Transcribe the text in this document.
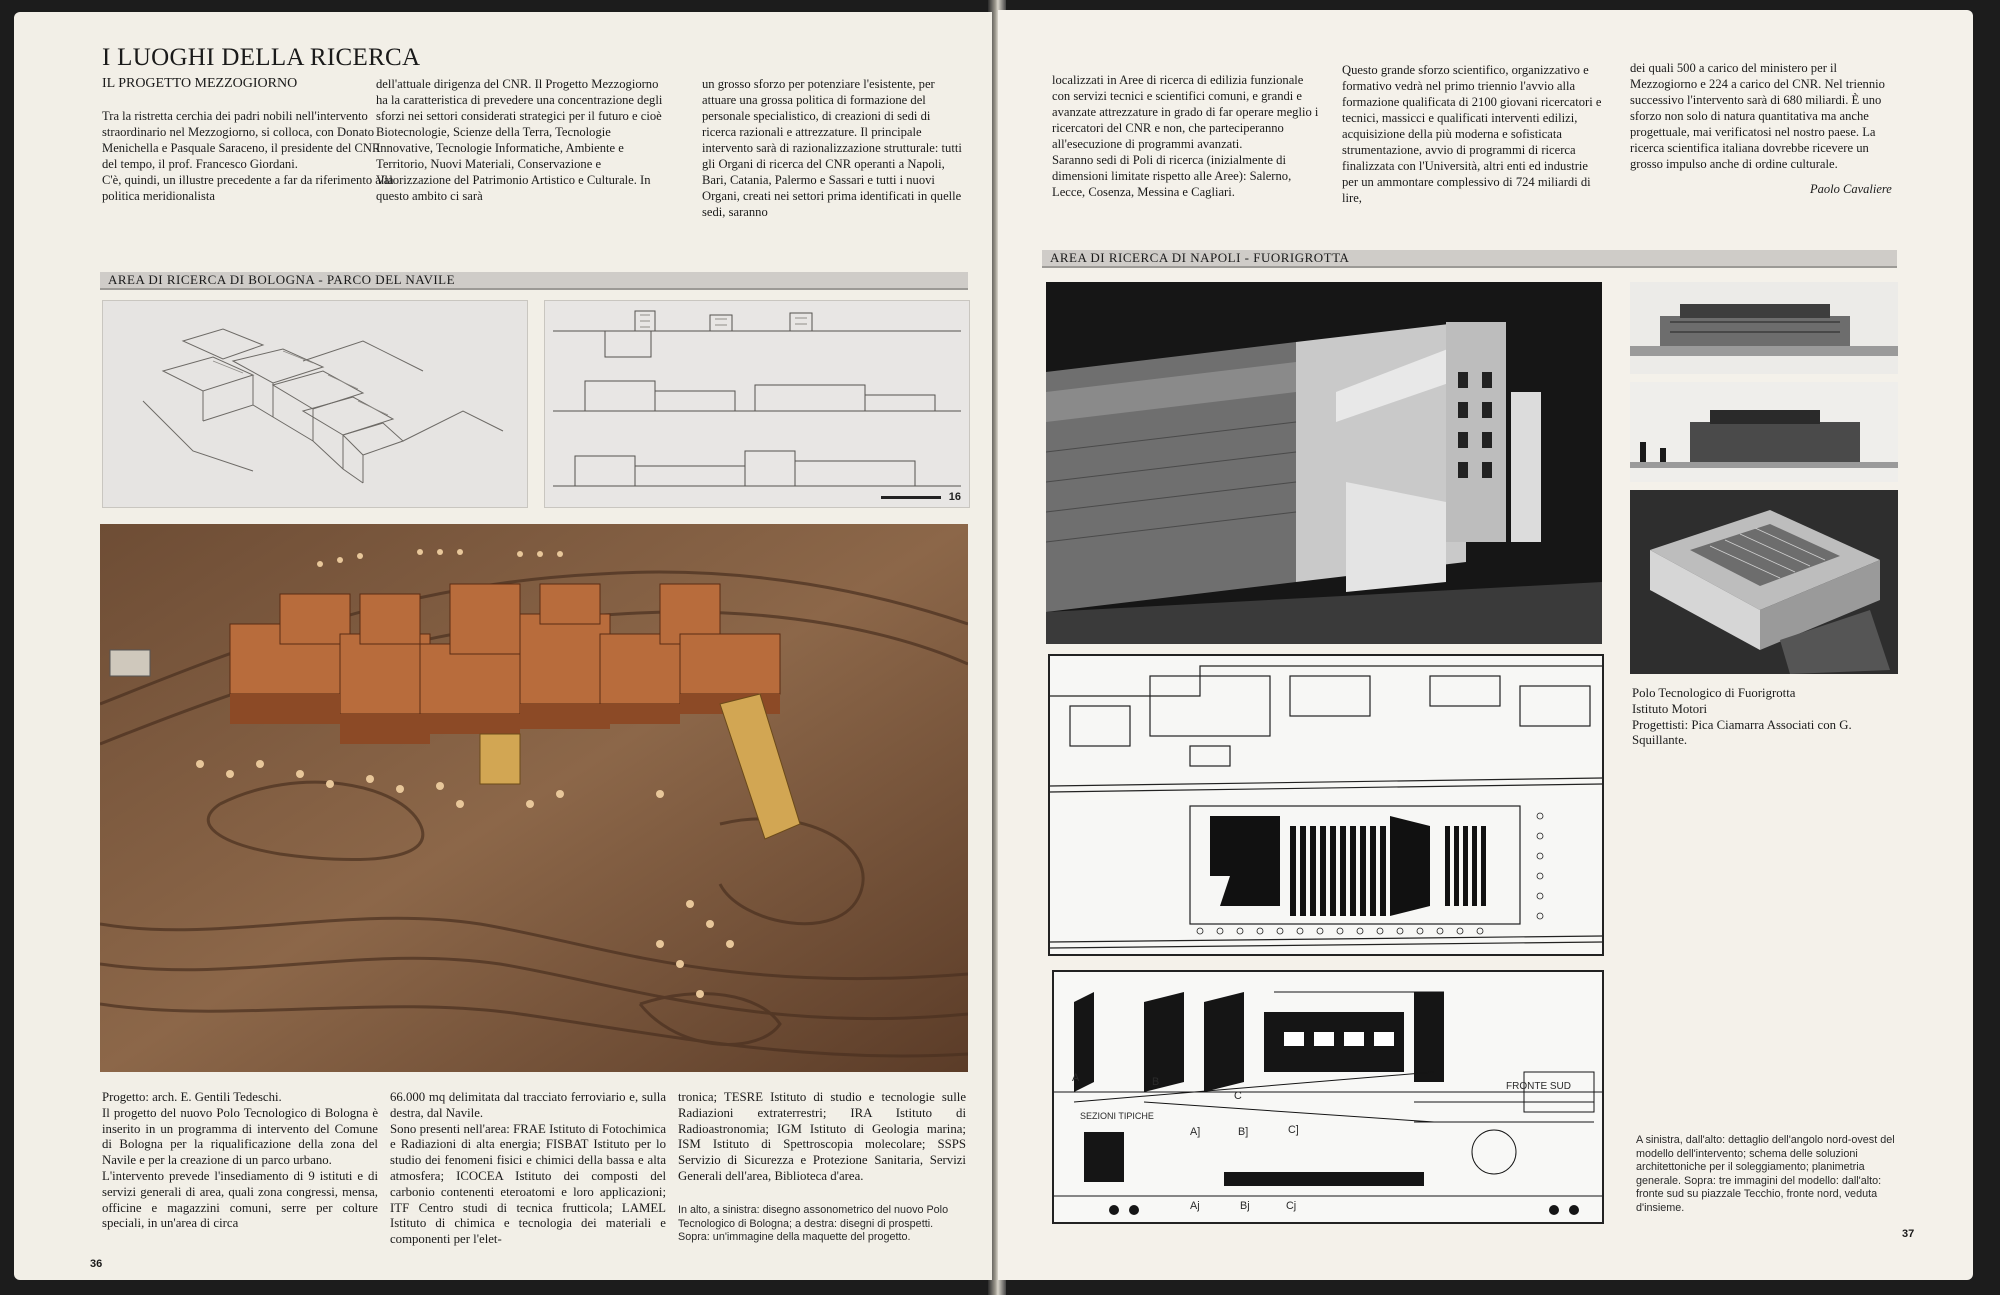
I LUOGHI DELLA RICERCA
IL PROGETTO MEZZOGIORNO
Tra la ristretta cerchia dei padri nobili nell'intervento straordinario nel Mezzogiorno, si colloca, con Donato Menichella e Pasquale Saraceno, il presidente del CNR del tempo, il prof. Francesco Giordani.
C'è, quindi, un illustre precedente a far da riferimento alla politica meridionalista
dell'attuale dirigenza del CNR. Il Progetto Mezzogiorno ha la caratteristica di prevedere una concentrazione degli sforzi nei settori considerati strategici per il futuro e cioè Biotecnologie, Scienze della Terra, Tecnologie Innovative, Tecnologie Informatiche, Ambiente e Territorio, Nuovi Materiali, Conservazione e Valorizzazione del Patrimonio Artistico e Culturale. In questo ambito ci sarà
un grosso sforzo per potenziare l'esistente, per attuare una grossa politica di formazione del personale specialistico, di creazioni di sedi di ricerca razionali e attrezzature. Il principale intervento sarà di razionalizzazione strutturale: tutti gli Organi di ricerca del CNR operanti a Napoli, Bari, Catania, Palermo e Sassari e tutti i nuovi Organi, creati nei settori prima identificati in quelle sedi, saranno
AREA DI RICERCA DI BOLOGNA - PARCO DEL NAVILE
16
Progetto: arch. E. Gentili Tedeschi.
Il progetto del nuovo Polo Tecnologico di Bologna è inserito in un programma di intervento del Comune di Bologna per la riqualificazione della zona del Navile e per la creazione di un parco urbano.
L'intervento prevede l'insediamento di 9 istituti e di servizi generali di area, quali zona congressi, mensa, officine e magazzini comuni, serre per colture speciali, in un'area di circa
66.000 mq delimitata dal tracciato ferroviario e, sulla destra, dal Navile.
Sono presenti nell'area: FRAE Istituto di Fotochimica e Radiazioni di alta energia; FISBAT Istituto per lo studio dei fenomeni fisici e chimici della bassa e alta atmosfera; ICOCEA Istituto dei composti del carbonio contenenti eteroatomi e loro applicazioni; ITF Centro studi di tecnica frutticola; LAMEL Istituto di chimica e tecnologia dei materiali e componenti per l'elet-
tronica; TESRE Istituto di studio e tecnologie sulle Radiazioni extraterrestri; IRA Istituto di Radioastronomia; IGM Istituto di Geologia marina; ISM Istituto di Spettroscopia molecolare; SSPS Servizio di Sicurezza e Protezione Sanitaria, Servizi Generali dell'area, Biblioteca d'area.
In alto, a sinistra: disegno assonometrico del nuovo Polo Tecnologico di Bologna; a destra: disegni di prospetti. Sopra: un'immagine della maquette del progetto.
36
localizzati in Aree di ricerca di edilizia funzionale con servizi tecnici e scientifici comuni, e grandi e avanzate attrezzature in grado di far operare meglio i ricercatori del CNR e non, che parteciperanno all'esecuzione di programmi avanzati.
Saranno sedi di Poli di ricerca (inizialmente di dimensioni limitate rispetto alle Aree): Salerno, Lecce, Cosenza, Messina e Cagliari.
Questo grande sforzo scientifico, organizzativo e formativo vedrà nel primo triennio l'avvio alla formazione qualificata di 2100 giovani ricercatori e tecnici, massicci e qualificati interventi edilizi, acquisizione della più moderna e sofisticata strumentazione, avvio di programmi di ricerca finalizzata con l'Università, altri enti ed industrie per un ammontare complessivo di 724 miliardi di lire,
dei quali 500 a carico del ministero per il Mezzogiorno e 224 a carico del CNR. Nel triennio successivo l'intervento sarà di 680 miliardi. È uno sforzo non solo di natura quantitativa ma anche progettuale, mai verificatosi nel nostro paese. La ricerca scientifica italiana dovrebbe ricevere un grosso impulso anche di ordine culturale.
Paolo Cavaliere
AREA DI RICERCA DI NAPOLI - FUORIGROTTA
Polo Tecnologico di Fuorigrotta
Istituto Motori
Progettisti: Pica Ciamarra Associati con G. Squillante.
SEZIONI TIPICHE
FRONTE SUD
A	B
C
A]	B]	C]
Aj	Bj	Cj
A sinistra, dall'alto: dettaglio dell'angolo nord-ovest del modello dell'intervento; schema delle soluzioni architettoniche per il soleggiamento; planimetria generale. Sopra: tre immagini del modello: dall'alto: fronte sud su piazzale Tecchio, fronte nord, veduta d'insieme.
37
